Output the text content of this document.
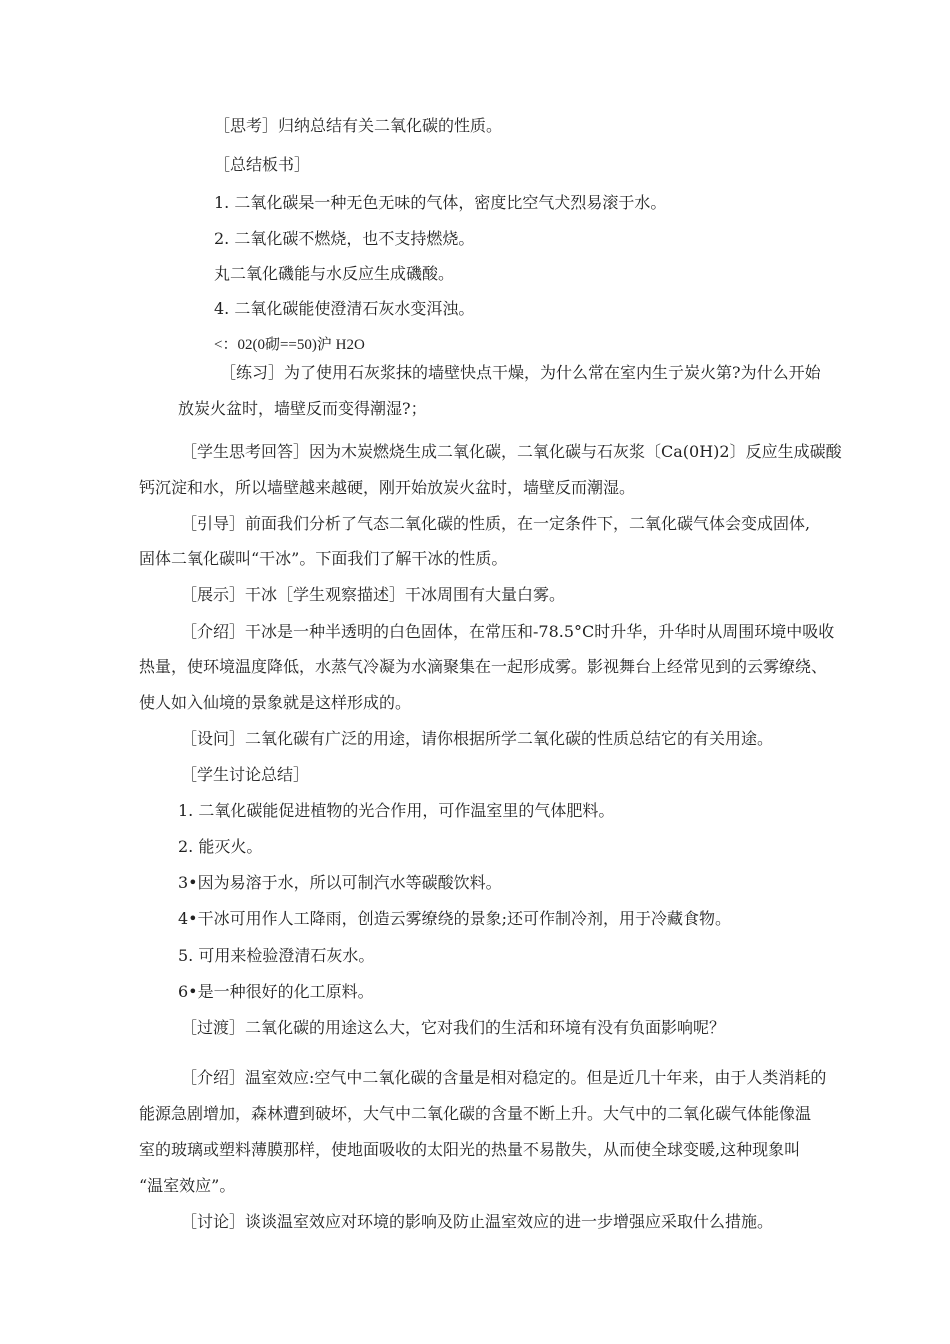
［思考］归纳总结有关二氧化碳的性质。
［总结板书］
1. 二氧化碳杲一种无色无味的气体，密度比空气犬烈易滚于水。
2. 二氧化碳不燃烧，也不支持燃烧。
丸二氧化磯能与水反应生成磯酸。
4. 二氧化碳能使澄清石灰水变洱浊。
<：02(0砌==50)沪 H2O
［练习］为了使用石灰浆抹的墙壁快点干燥，为什么常在室内生亍炭火第?为什么开始
放炭火盆时，墙壁反而变得潮湿?；
［学生思考回答］因为木炭燃烧生成二氧化碳，二氧化碳与石灰浆〔Ca(0H)2〕反应生成碳酸
钙沉淀和水，所以墙壁越来越硬，刚开始放炭火盆时，墙壁反而潮湿。
［引导］前面我们分析了气态二氧化碳的性质，在一定条件下，二氧化碳气体会变成固体,
固体二氧化碳叫“干冰”。下面我们了解干冰的性质。
［展示］干冰［学生观察描述］干冰周围有大量白雾。
［介绍］干冰是一种半透明的白色固体，在常压和-78.5°C时升华，升华时从周围环境中吸收
热量，使环境温度降低，水蒸气冷凝为水滴聚集在一起形成雾。影视舞台上经常见到的云雾缭绕、
使人如入仙境的景象就是这样形成的。
［设问］二氧化碳有广泛的用途，请你根据所学二氧化碳的性质总结它的有关用途。
［学生讨论总结］
1. 二氧化碳能促进植物的光合作用，可作温室里的气体肥料。
2. 能灭火。
3•因为易溶于水，所以可制汽水等碳酸饮料。
4•干冰可用作人工降雨，创造云雾缭绕的景象;还可作制冷剂，用于冷藏食物。
5. 可用来检验澄清石灰水。
6•是一种很好的化工原料。
［过渡］二氧化碳的用途这么大，它对我们的生活和环境有没有负面影响呢？
［介绍］温室效应:空气中二氧化碳的含量是相对稳定的。但是近几十年来，由于人类消耗的
能源急剧增加，森林遭到破坏，大气中二氧化碳的含量不断上升。大气中的二氧化碳气体能像温
室的玻璃或塑料薄膜那样，使地面吸收的太阳光的热量不易散失，从而使全球变暖,这种现象叫
“温室效应”。
［讨论］谈谈温室效应对环境的影响及防止温室效应的进一步增强应采取什么措施。
